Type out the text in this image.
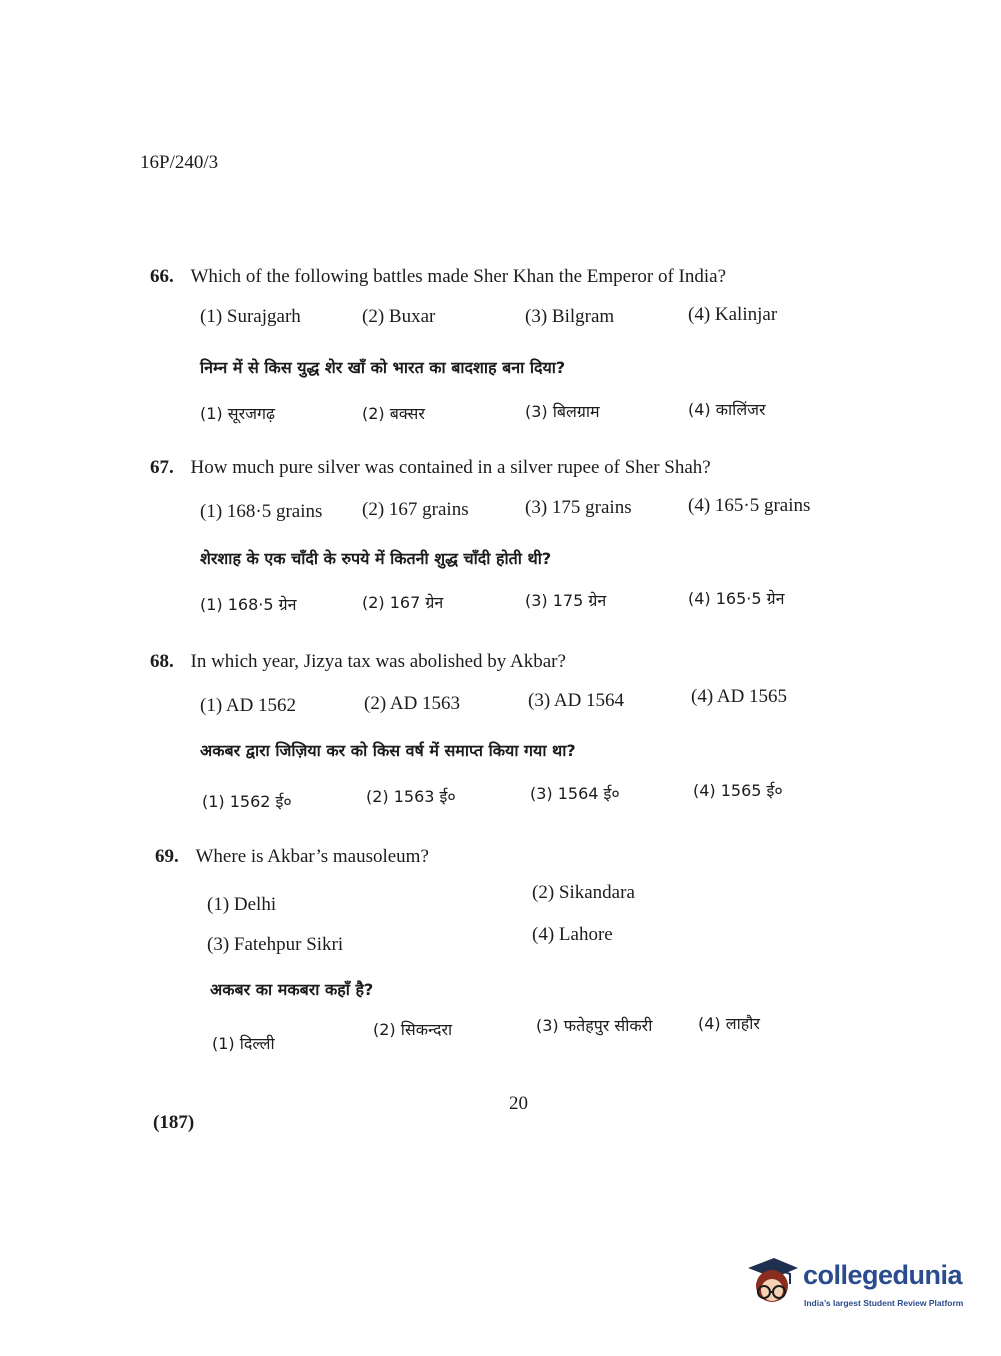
16P/240/3
66. Which of the following battles made Sher Khan the Emperor of India?
(1) Surajgarh	(2) Buxar	(3) Bilgram	(4) Kalinjar
निम्न में से किस युद्ध शेर खाँ को भारत का बादशाह बना दिया?
(1) सूरजगढ़	(2) बक्सर	(3) बिलग्राम	(4) कालिंजर
67. How much pure silver was contained in a silver rupee of Sher Shah?
(1) 168·5 grains (2) 167 grains	(3) 175 grains	(4) 165·5 grains
शेरशाह के एक चाँदी के रुपये में कितनी शुद्ध चाँदी होती थी?
(1) 168·5 ग्रेन	(2) 167 ग्रेन	(3) 175 ग्रेन	(4) 165·5 ग्रेन
68. In which year, Jizya tax was abolished by Akbar?
(1) AD 1562	(2) AD 1563	(3) AD 1564	(4) AD 1565
अकबर द्वारा जिज़िया कर को किस वर्ष में समाप्त किया गया था?
(1) 1562 ई०	(2) 1563 ई०	(3) 1564 ई०	(4) 1565 ई०
69. Where is Akbar’s mausoleum?
(1) Delhi
(2) Sikandara
(3) Fatehpur Sikri	(4) Lahore
अकबर का मकबरा कहाँ है?
(1) दिल्ली
(2) सिकन्दरा	(3) फतेहपुर सीकरी	(4) लाहौर
20
(187)
collegedunia
India’s largest Student Review Platform
